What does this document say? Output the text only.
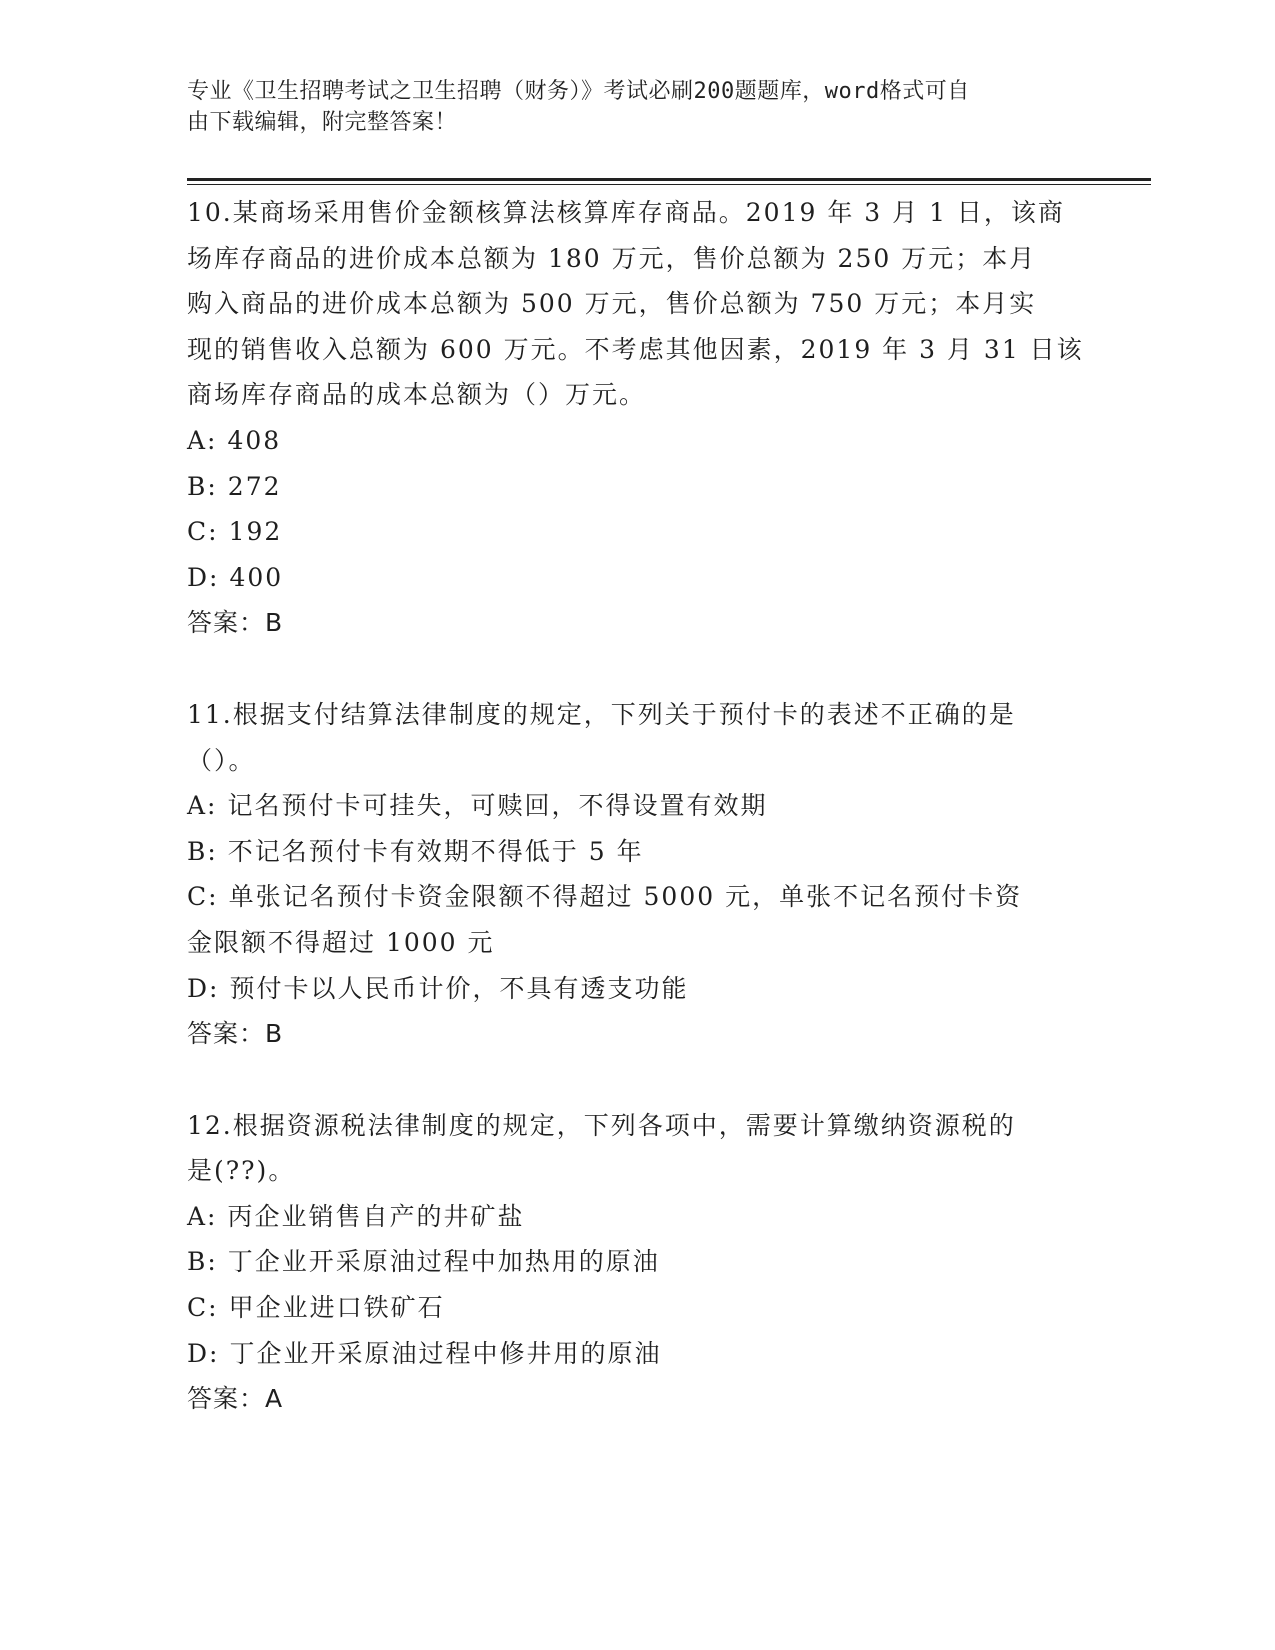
专业《卫生招聘考试之卫生招聘（财务）》考试必刷200题题库，word格式可自
由下载编辑，附完整答案！
10.某商场采用售价金额核算法核算库存商品。2019 年 3 月 1 日，该商
场库存商品的进价成本总额为 180 万元，售价总额为 250 万元；本月
购入商品的进价成本总额为 500 万元，售价总额为 750 万元；本月实
现的销售收入总额为 600 万元。不考虑其他因素，2019 年 3 月 31 日该
商场库存商品的成本总额为（）万元。
A: 408
B: 272
C: 192
D: 400
答案：B
11.根据支付结算法律制度的规定，下列关于预付卡的表述不正确的是
（）。
A: 记名预付卡可挂失，可赎回，不得设置有效期
B: 不记名预付卡有效期不得低于 5 年
C: 单张记名预付卡资金限额不得超过 5000 元，单张不记名预付卡资
金限额不得超过 1000 元
D: 预付卡以人民币计价，不具有透支功能
答案：B
12.根据资源税法律制度的规定，下列各项中，需要计算缴纳资源税的
是(??)。
A: 丙企业销售自产的井矿盐
B: 丁企业开采原油过程中加热用的原油
C: 甲企业进口铁矿石
D: 丁企业开采原油过程中修井用的原油
答案：A
